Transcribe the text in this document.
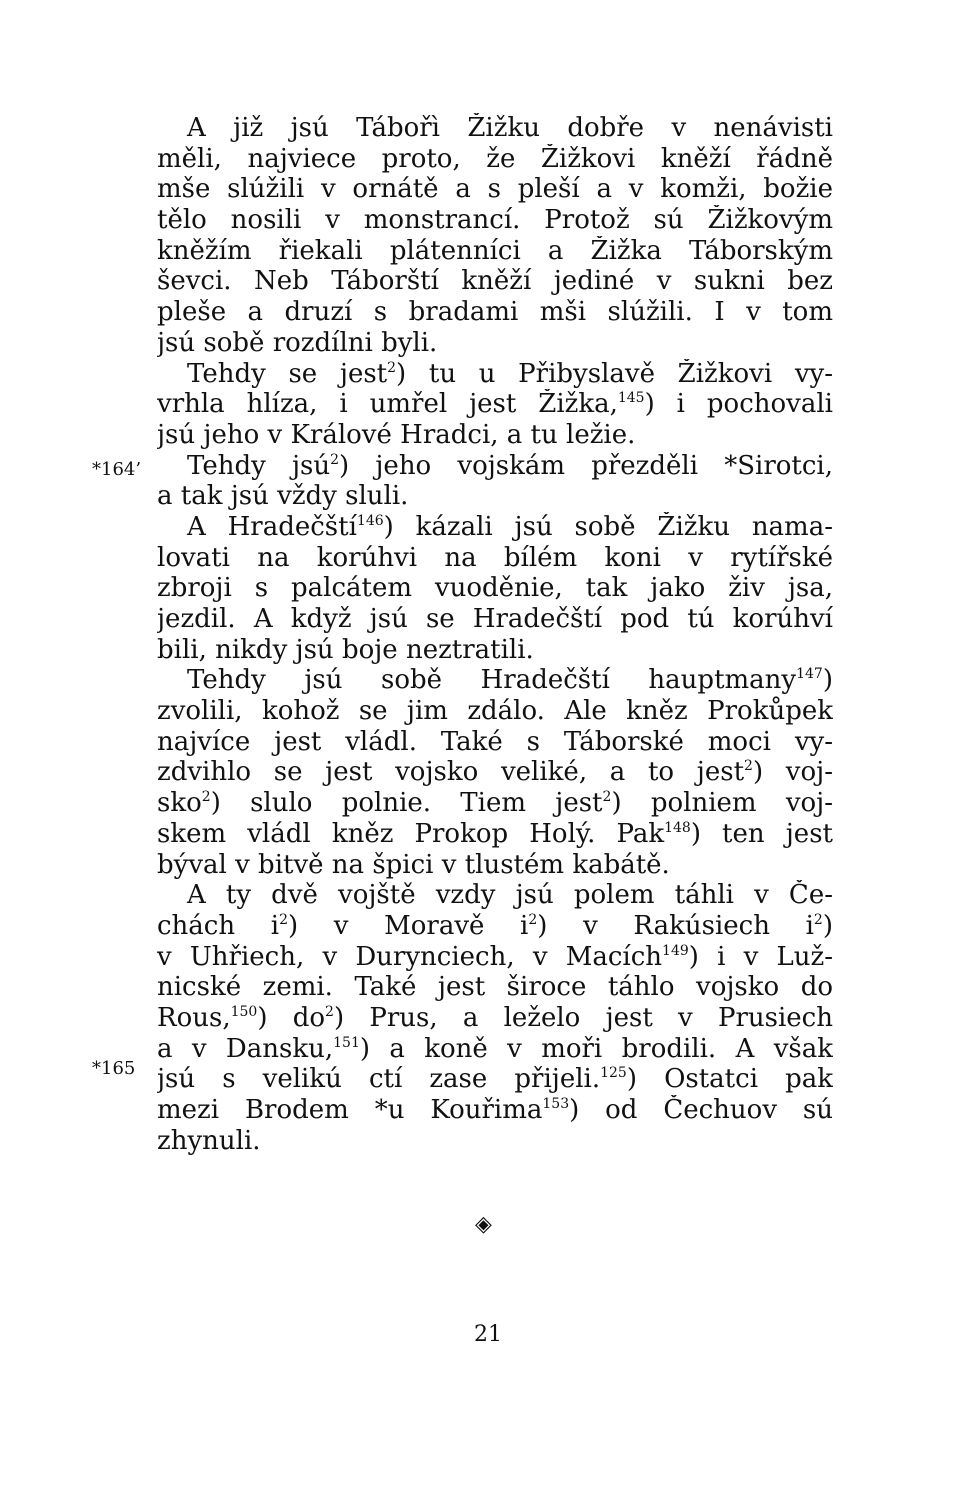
A již jsú Tábořì Žižku dobře v nenávisti
měli, najviece proto, že Žižkovi kněží řádně
mše slúžili v ornátě a s pleší a v komži, božie
tělo nosili v monstrancí. Protož sú Žižkovým
kněžím řiekali plátenníci a Žižka Táborským
ševci. Neb Táborští kněží jediné v sukni bez
pleše a druzí s bradami mši slúžili. I v tom
jsú sobě rozdílni byli.
Tehdy se jest$^2$) tu u Přibyslavě Žižkovi vy-
vrhla hlíza, i umřel jest Žižka,$^{145}$) i pochovali
jsú jeho v Králové Hradci, a tu ležie.
Tehdy jsú$^2$) jeho vojskám přezděli *Sirotci,
a tak jsú vždy sluli.
A Hradečští$^{146}$) kázali jsú sobě Žižku nama-
lovati na korúhvi na bílém koni v rytířské
zbroji s palcátem vuoděnie, tak jako živ jsa,
jezdil. A když jsú se Hradečští pod tú korúhví
bili, nikdy jsú boje neztratili.
Tehdy jsú sobě Hradečští hauptmany$^{147}$)
zvolili, kohož se jim zdálo. Ale kněz Prokůpek
najvíce jest vládl. Také s Táborské moci vy-
zdvihlo se jest vojsko veliké, a to jest$^2$) voj-
sko$^2$) slulo polnie. Tiem jest$^2$) polniem voj-
skem vládl kněz Prokop Holý. Pak$^{148}$) ten jest
býval v bitvě na špici v tlustém kabátě.
A ty dvě vojště vzdy jsú polem táhli v Če-
chách $i^2$) v Moravě $i^2$) v Rakúsiech $i^2$)
v Uhřiech, v Durynciech, v Macích$^{149}$) i v Luž-
nicské zemi. Také jest široce táhlo vojsko do
Rous,$^{150}$) $do^2$) Prus, a leželo jest v Prusiech
a v Dansku,$^{151}$) a koně v moři brodili. A však
jsú s velikú ctí zase přijeli.$^{125}$) Ostatci pak
mezi Brodem *u Kouřima$^{153}$) od Čechuov sú
zhynuli.
*164’
*165
◈
21
